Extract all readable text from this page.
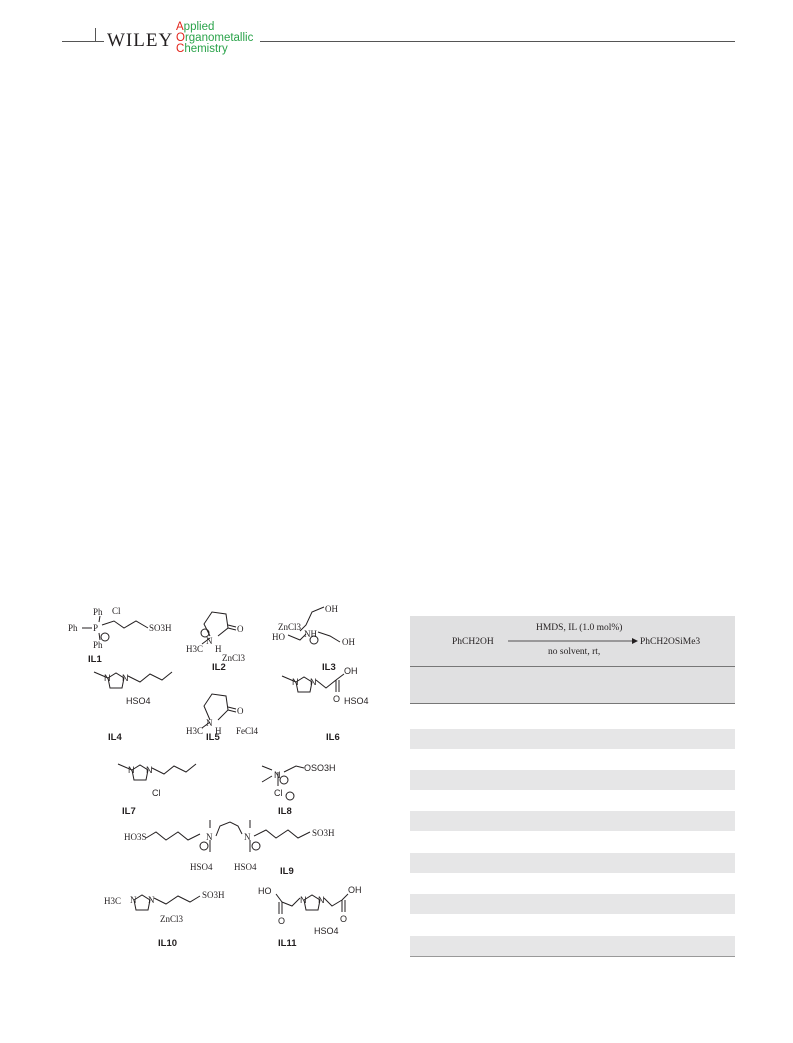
WILEY
Applied
Organometallic
Chemistry
Ph
Ph P
Ph
Cl
SO3H
IL1
N
O
H3C H
ZnCl3
IL2
ZnCl3
OH
NH
HO	OH
IL3
N N
HSO4
IL4
N
O
H3C H FeCl4
IL5
N N
OH
O HSO4
IL6
N N
Cl
IL7
N
OSO3H
Cl
IL8
HO3S	N	N	SO3H
HSO4 HSO4 IL9
H3C N N	SO3H
ZnCl3
IL10
HO
N N
OH
O	O
HSO4
IL11
PhCH2OH
HMDS, IL (1.0 mol%)
no solvent, rt,
PhCH2OSiMe3
